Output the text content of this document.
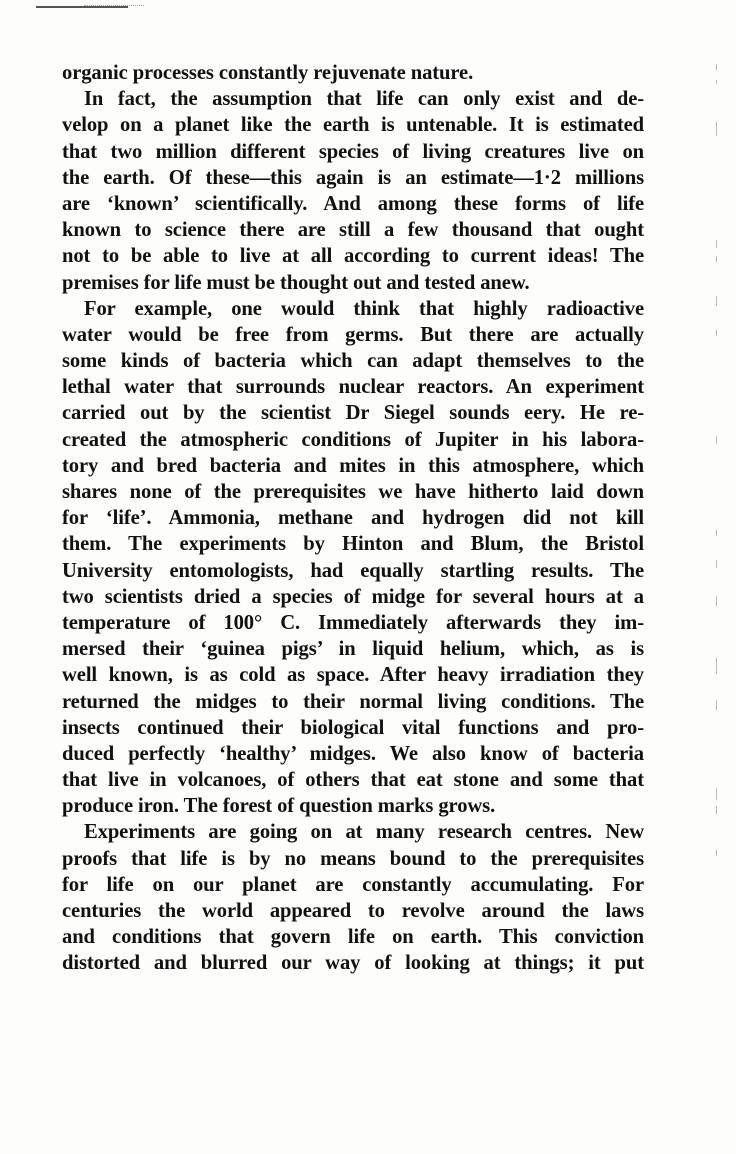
organic processes constantly rejuvenate nature.
In fact, the assumption that life can only exist and de-
velop on a planet like the earth is untenable. It is estimated
that two million different species of living creatures live on
the earth. Of these—this again is an estimate—1·2 millions
are ‘known’ scientifically. And among these forms of life
known to science there are still a few thousand that ought
not to be able to live at all according to current ideas! The
premises for life must be thought out and tested anew.
For example, one would think that highly radioactive
water would be free from germs. But there are actually
some kinds of bacteria which can adapt themselves to the
lethal water that surrounds nuclear reactors. An experiment
carried out by the scientist Dr Siegel sounds eery. He re-
created the atmospheric conditions of Jupiter in his labora-
tory and bred bacteria and mites in this atmosphere, which
shares none of the prerequisites we have hitherto laid down
for ‘life’. Ammonia, methane and hydrogen did not kill
them. The experiments by Hinton and Blum, the Bristol
University entomologists, had equally startling results. The
two scientists dried a species of midge for several hours at a
temperature of 100° C. Immediately afterwards they im-
mersed their ‘guinea pigs’ in liquid helium, which, as is
well known, is as cold as space. After heavy irradiation they
returned the midges to their normal living conditions. The
insects continued their biological vital functions and pro-
duced perfectly ‘healthy’ midges. We also know of bacteria
that live in volcanoes, of others that eat stone and some that
produce iron. The forest of question marks grows.
Experiments are going on at many research centres. New
proofs that life is by no means bound to the prerequisites
for life on our planet are constantly accumulating. For
centuries the world appeared to revolve around the laws
and conditions that govern life on earth. This conviction
distorted and blurred our way of looking at things; it put
